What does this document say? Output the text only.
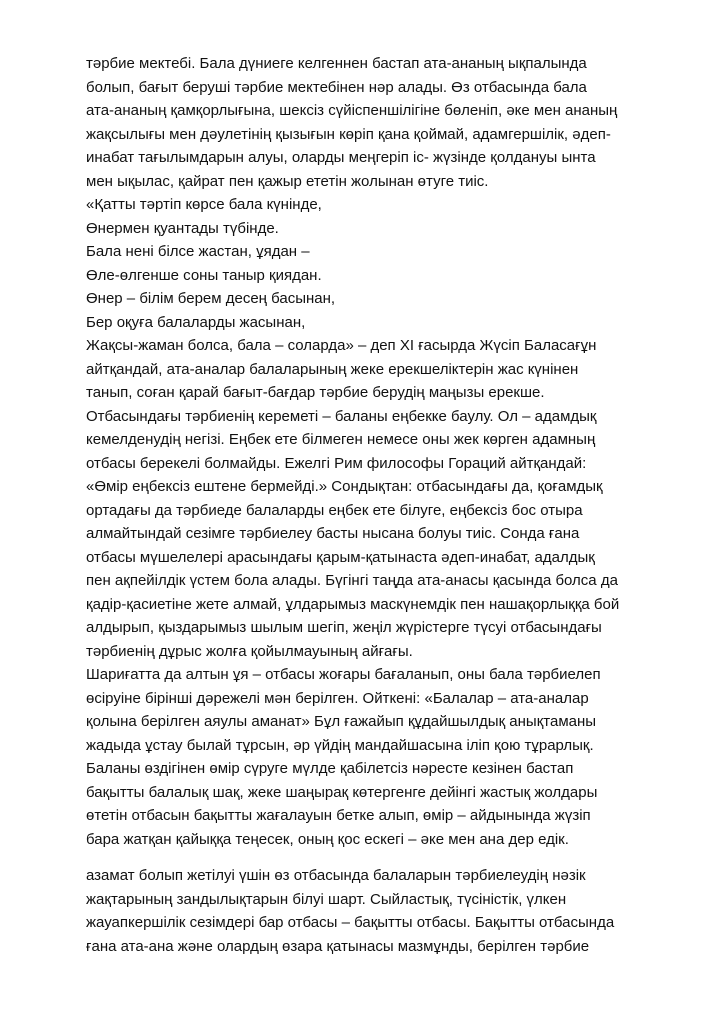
тәрбие мектебі. Бала дүниеге келгеннен бастап ата-ананың ықпалында
болып, бағыт беруші тәрбие мектебінен нәр алады. Өз отбасында бала
ата-ананың қамқорлығына, шексіз сүйіспеншілігіне бөленіп, әке мен ананың
жақсылығы мен дәулетінің қызығын көріп қана қоймай, адамгершілік, әдеп-
инабат тағылымдарын алуы, оларды меңгеріп іс- жүзінде қолдануы ынта
мен ықылас, қайрат пен қажыр ететін жолынан өтуге тиіс.
«Қатты тәртіп көрсе бала күнінде,
Өнермен қуантады түбінде.
Бала нені білсе жастан, ұядан –
Өле-өлгенше соны таныр қиядан.
Өнер – білім берем десең басынан,
Бер оқуға балаларды жасынан,
Жақсы-жаман болса, бала – соларда» – деп XI ғасырда Жүсіп Баласағұн
айтқандай, ата-аналар балаларының жеке ерекшеліктерін жас күнінен
танып, соған қарай бағыт-бағдар тәрбие берудің маңызы ерекше.
Отбасындағы тәрбиенің кереметі – баланы еңбекке баулу. Ол – адамдық
кемелденудің негізі. Еңбек ете білмеген немесе оны жек көрген адамның
отбасы берекелі болмайды. Ежелгі Рим философы Гораций айтқандай:
«Өмір еңбексіз ештене бермейді.» Сондықтан: отбасындағы да, қоғамдық
ортадағы да тәрбиеде балаларды еңбек ете білуге, еңбексіз бос отыра
алмайтындай сезімге тәрбиелеу басты нысана болуы тиіс. Сонда ғана
отбасы мүшелелері арасындағы қарым-қатынаста әдеп-инабат, адалдық
пен ақпейілдік үстем бола алады. Бүгінгі таңда ата-анасы қасында болса да
қадір-қасиетіне жете алмай, ұлдарымыз маскүнемдік пен нашақорлыққа бой
алдырып, қыздарымыз шылым шегіп, жеңіл жүрістерге түсуі отбасындағы
тәрбиенің дұрыс жолға қойылмауының айғағы.
Шариғатта да алтын ұя – отбасы жоғары бағаланып, оны бала тәрбиелеп
өсіруіне бірінші дәрежелі мән берілген. Ойткені: «Балалар – ата-аналар
қолына берілген аяулы аманат» Бұл ғажайып құдайшылдық анықтаманы
жадыда ұстау былай тұрсын, әр үйдің мандайшасына іліп қою тұрарлық.
Баланы өздігінен өмір сүруге мүлде қабілетсіз нәресте кезінен бастап
бақытты балалық шақ, жеке шаңырақ көтергенге дейінгі жастық жолдары
өтетін отбасын бақытты жағалауын бетке алып, өмір – айдынында жүзіп
бара жатқан қайыққа теңесек, оның қос ескегі – әке мен ана дер едік.
азамат болып жетілуі үшін өз отбасында балаларын тәрбиелеудің нәзік
жақтарының зандылықтарын білуі шарт. Сыйластық, түсіністік, үлкен
жауапкершілік сезімдері бар отбасы – бақытты отбасы. Бақытты отбасында
ғана ата-ана және олардың өзара қатынасы мазмұнды, берілген тәрбие
